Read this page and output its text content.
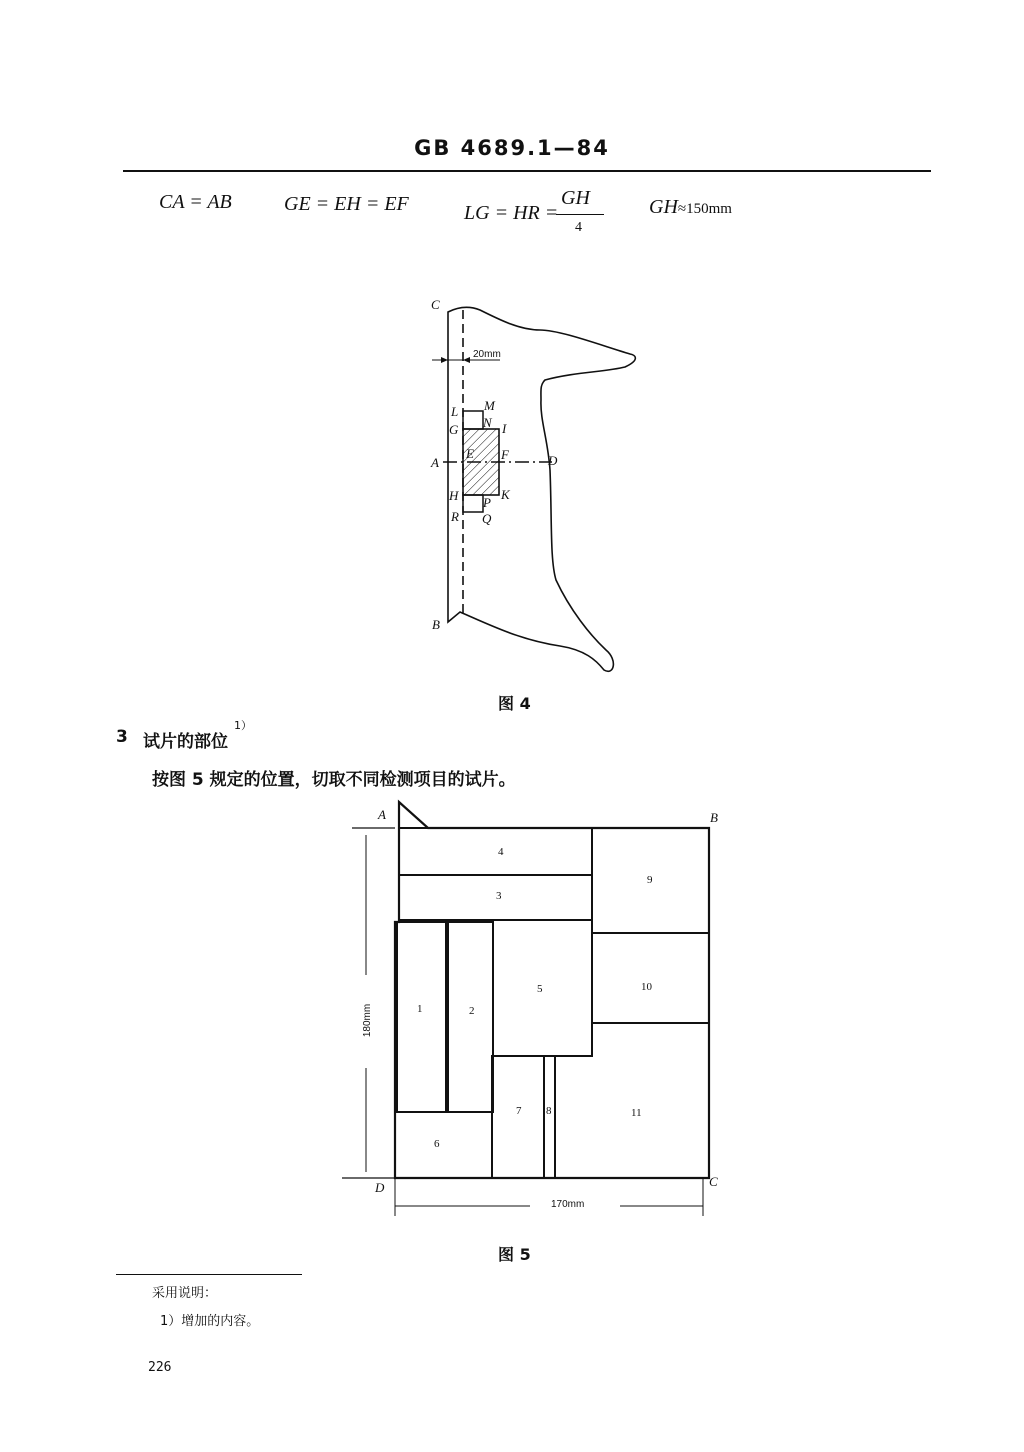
GB 4689.1—84
CA = AB	GE = EH = EF	LG = HR =
GH
4
GH≈150mm
C
L M
G N I
A
E F	D
H P
K
R Q
B
20mm
图 4
3 试片的部位
1）
按图 5 规定的位置，切取不同检测项目的试片。
A	B
C
D
4
3
9
10
1	2
5
6
7 8	11
180mm
170mm
图 5
采用说明：
1）增加的内容。
226
